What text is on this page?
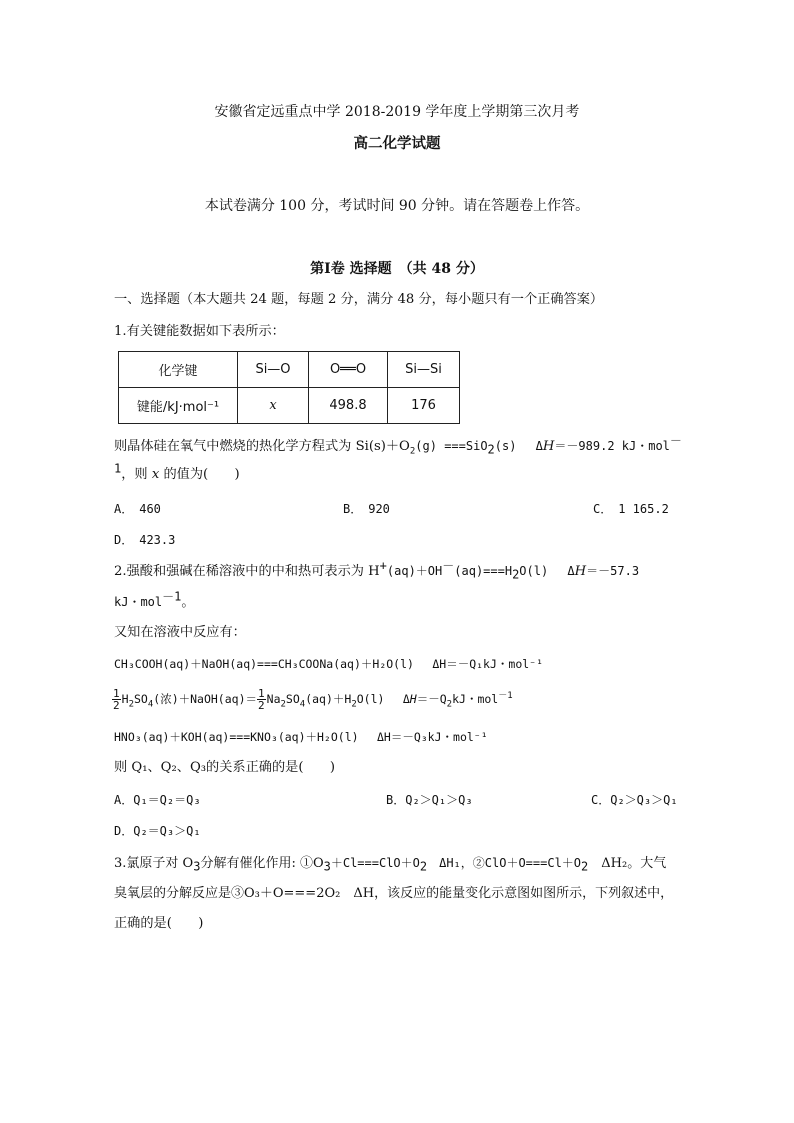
安徽省定远重点中学 2018-2019 学年度上学期第三次月考
高二化学试题
本试卷满分 100 分，考试时间 90 分钟。请在答题卷上作答。
第Ⅰ卷 选择题　（共 48 分）
一、选择题（本大题共 24 题，每题 2 分，满分 48 分，每小题只有一个正确答案）
1.有关键能数据如下表所示：
化学键	Si—O	O══O	Si—Si
键能/kJ·mol⁻¹	x	498.8	176
则晶体硅在氧气中燃烧的热化学方程式为 $Si(s)+O_2(g) ===SiO_2(s)$　 ΔH＝－989.2 kJ・mol－
$^1$，则 x 的值为(　　)
A．　460	B．　920	C．　1 165.2
D．　423.3
2.强酸和强碱在稀溶液中的中和热可表示为 $H^+(aq)+OH^-(aq)===H_2O(l)$　 ΔH＝－57.3
kJ・mol$^{-1}$。
又知在溶液中反应有：
CH₃COOH(aq)＋NaOH(aq)===CH₃COONa(aq)＋H₂O(l)　 ΔH＝－Q₁kJ・mol⁻¹
$\frac{1}{2} H_2SO_4$(浓)＋NaOH(aq)＝ $\frac{1}{2} Na_2SO_4(aq)+H_2O(l)$　 $\Delta H=-Q_2kJ$・mol$^{-1}$
HNO₃(aq)＋KOH(aq)===KNO₃(aq)＋H₂O(l)　 ΔH＝－Q₃kJ・mol⁻¹
则 Q₁、Q₂、Q₃的关系正确的是(　　)
A．Q₁＝Q₂＝Q₃	B．Q₂＞Q₁＞Q₃	C．Q₂＞Q₃＞Q₁
D．Q₂＝Q₃＞Q₁
3.氯原子对 $O_3$分解有催化作用: $①O_3+Cl===ClO+O_2$　ΔH₁，$②ClO+O===Cl+O_2$　ΔH₂。大气
臭氧层的分解反应是③O₃＋O===2O₂　ΔH，该反应的能量变化示意图如图所示，下列叙述中，
正确的是(　　)
